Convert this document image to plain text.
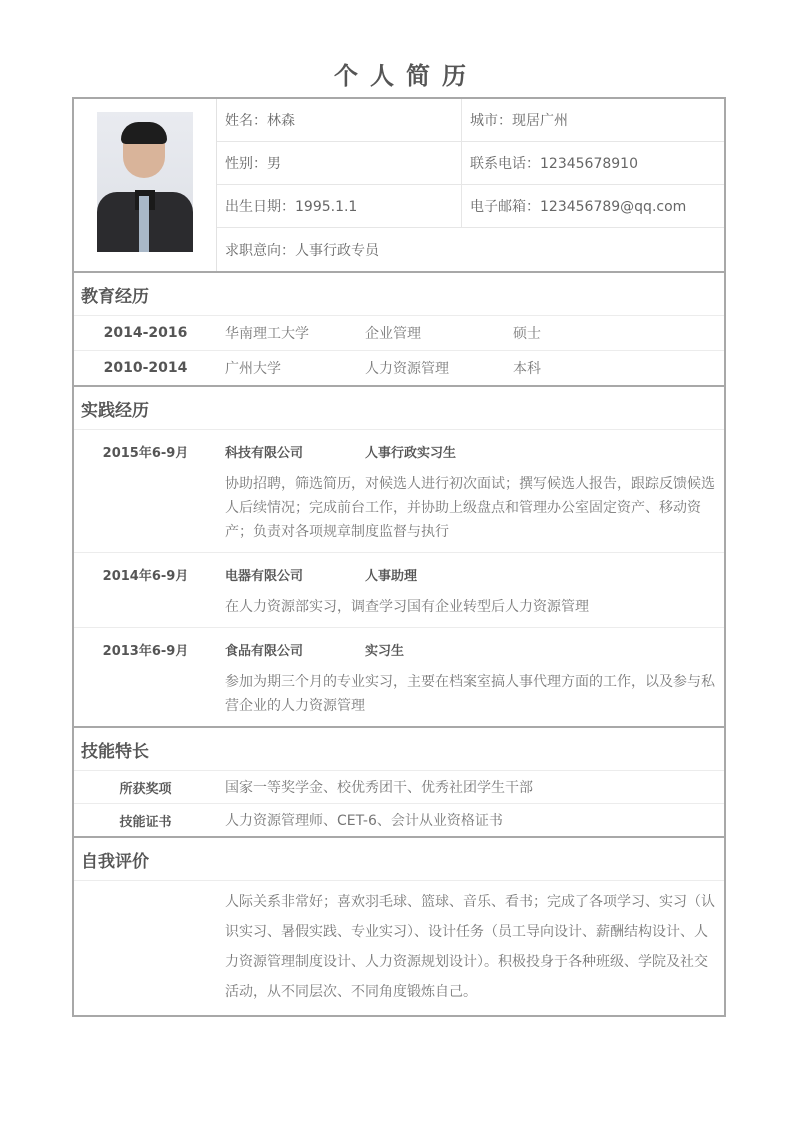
个人简历
姓名：林森	城市：现居广州
性别：男	联系电话：12345678910
出生日期：1995.1.1	电子邮箱：123456789@qq.com
求职意向：人事行政专员
教育经历
2014-2016	华南理工大学	企业管理	硕士
2010-2014	广州大学	人力资源管理	本科
实践经历
2015年6-9月	科技有限公司	人事行政实习生
协助招聘，筛选简历，对候选人进行初次面试；撰写候选人报告，跟踪反馈候选人后续情况；完成前台工作，并协助上级盘点和管理办公室固定资产、移动资产；负责对各项规章制度监督与执行
2014年6-9月	电器有限公司	人事助理
在人力资源部实习，调查学习国有企业转型后人力资源管理
2013年6-9月	食品有限公司	实习生
参加为期三个月的专业实习，主要在档案室搞人事代理方面的工作，以及参与私营企业的人力资源管理
技能特长
所获奖项	国家一等奖学金、校优秀团干、优秀社团学生干部
技能证书	人力资源管理师、CET-6、会计从业资格证书
自我评价
人际关系非常好；喜欢羽毛球、篮球、音乐、看书；完成了各项学习、实习（认识实习、暑假实践、专业实习）、设计任务（员工导向设计、薪酬结构设计、人力资源管理制度设计、人力资源规划设计）。积极投身于各种班级、学院及社交活动，从不同层次、不同角度锻炼自己。
